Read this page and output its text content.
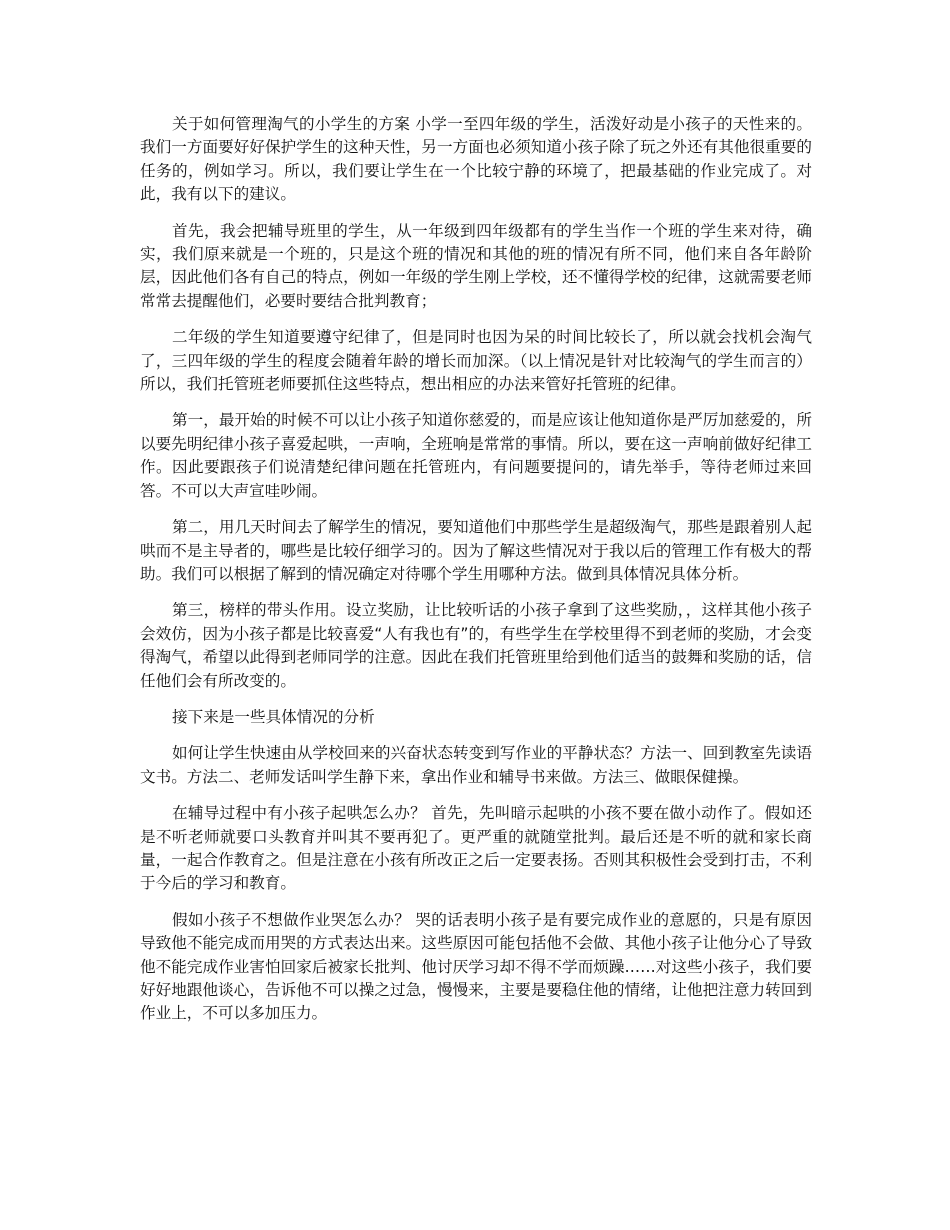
关于如何管理淘气的小学生的方案 小学一至四年级的学生，活泼好动是小孩子的天性来的。我们一方面要好好保护学生的这种天性，另一方面也必须知道小孩子除了玩之外还有其他很重要的任务的，例如学习。所以，我们要让学生在一个比较宁静的环境了，把最基础的作业完成了。对此，我有以下的建议。

首先，我会把辅导班里的学生，从一年级到四年级都有的学生当作一个班的学生来对待，确实，我们原来就是一个班的，只是这个班的情况和其他的班的情况有所不同，他们来自各年龄阶层，因此他们各有自己的特点，例如一年级的学生刚上学校，还不懂得学校的纪律，这就需要老师常常去提醒他们，必要时要结合批判教育；

二年级的学生知道要遵守纪律了，但是同时也因为呆的时间比较长了，所以就会找机会淘气了，三四年级的学生的程度会随着年龄的增长而加深。（以上情况是针对比较淘气的学生而言的）所以，我们托管班老师要抓住这些特点，想出相应的办法来管好托管班的纪律。

第一，最开始的时候不可以让小孩子知道你慈爱的，而是应该让他知道你是严厉加慈爱的，所以要先明纪律小孩子喜爱起哄，一声响，全班响是常常的事情。所以，要在这一声响前做好纪律工作。因此要跟孩子们说清楚纪律问题在托管班内，有问题要提问的，请先举手，等待老师过来回答。不可以大声宣哇吵闹。

第二，用几天时间去了解学生的情况，要知道他们中那些学生是超级淘气，那些是跟着别人起哄而不是主导者的，哪些是比较仔细学习的。因为了解这些情况对于我以后的管理工作有极大的帮助。我们可以根据了解到的情况确定对待哪个学生用哪种方法。做到具体情况具体分析。

第三，榜样的带头作用。设立奖励，让比较听话的小孩子拿到了这些奖励，，这样其他小孩子会效仿，因为小孩子都是比较喜爱“人有我也有”的，有些学生在学校里得不到老师的奖励，才会变得淘气，希望以此得到老师同学的注意。因此在我们托管班里给到他们适当的鼓舞和奖励的话，信任他们会有所改变的。

接下来是一些具体情况的分析

如何让学生快速由从学校回来的兴奋状态转变到写作业的平静状态？方法一、回到教室先读语文书。方法二、老师发话叫学生静下来，拿出作业和辅导书来做。方法三、做眼保健操。

在辅导过程中有小孩子起哄怎么办？ 首先，先叫暗示起哄的小孩不要在做小动作了。假如还是不听老师就要口头教育并叫其不要再犯了。更严重的就随堂批判。最后还是不听的就和家长商量，一起合作教育之。但是注意在小孩有所改正之后一定要表扬。否则其积极性会受到打击，不利于今后的学习和教育。

假如小孩子不想做作业哭怎么办？ 哭的话表明小孩子是有要完成作业的意愿的，只是有原因导致他不能完成而用哭的方式表达出来。这些原因可能包括他不会做、其他小孩子让他分心了导致他不能完成作业害怕回家后被家长批判、他讨厌学习却不得不学而烦躁……对这些小孩子，我们要好好地跟他谈心，告诉他不可以操之过急，慢慢来，主要是要稳住他的情绪，让他把注意力转回到作业上，不可以多加压力。
